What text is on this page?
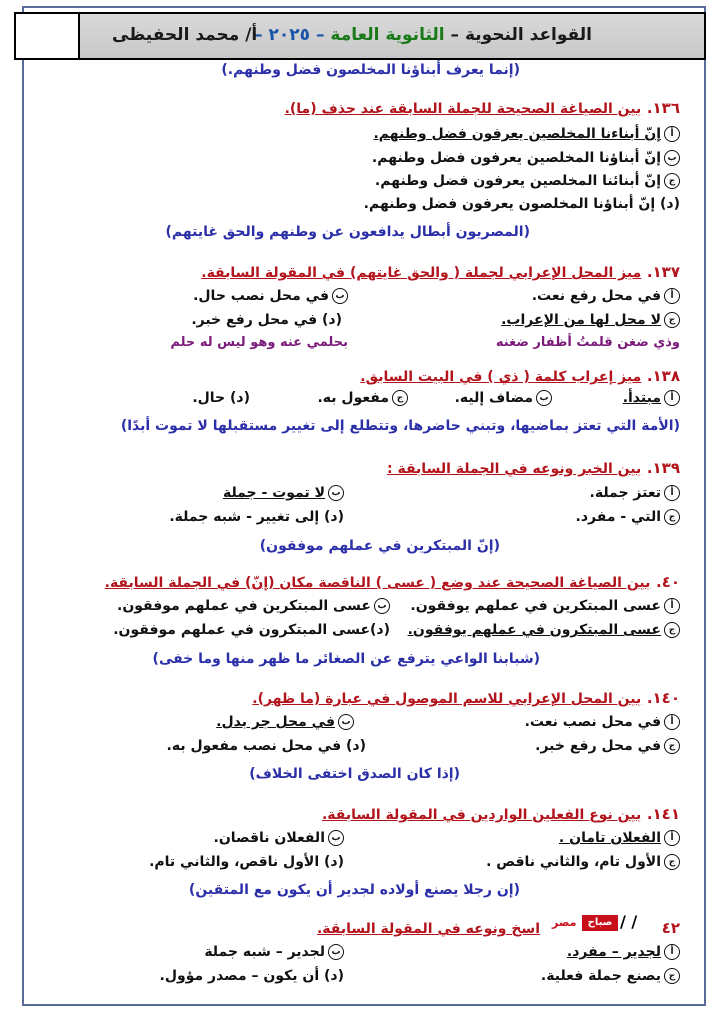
القواعد النحوية – الثانوية العامة – ٢٠٢٥ –
أ/ محمد الحفيظى
(إنما يعرف أبناؤنا المخلصون فضل وطنهم.)
١٣٦. بين الصياغة الصحيحة للجملة السابقة عند حذف (ما).
أإنّ أبناءنا المخلصين يعرفون فضل وطنهم.
بإنّ أبناؤنا المخلصين يعرفون فضل وطنهم.
جإنّ أبنائنا المخلصين يعرفون فضل وطنهم.
(د) إنّ أبناؤنا المخلصون يعرفون فضل وطنهم.
(المصريون أبطال يدافعون عن وطنهم والحق غايتهم)
١٣٧. ميز المحل الإعرابي لجملة ( والحق غايتهم) في المقولة السابقة.
أفي محل رفع نعت.
بفي محل نصب حال.
جلا محل لها من الإعراب.
(د) في محل رفع خبر.
وذي ضغن قلمتُ أظفار ضغنه
بحلمي عنه وهو ليس له حلم
١٣٨. ميز إعراب كلمة ( ذي ) في البيت السابق.
أمبتدأ.
بمضاف إليه.
جمفعول به.
(د) حال.
(الأمة التي تعتز بماضيها، وتبني حاضرها، وتتطلع إلى تغيير مستقبلها لا تموت أبدًا)
١٣٩. بين الخبر ونوعه في الجملة السابقة :
أتعتز جملة.
بلا تموت - جملة
جالتي - مفرد.
(د) إلى تغيير - شبه جملة.
(إنّ المبتكرين في عملهم موفقون)
٤٠. بين الصياغة الصحيحة عند وضع ( عسى ) الناقصة مكان (إنّ) في الجملة السابقة.
أعسى المبتكرين في عملهم يوفقون.
بعسى المبتكرين في عملهم موفقون.
جعسى المبتكرون في عملهم يوفقون.
(د)عسى المبتكرون في عملهم موفقون.
(شبابنا الواعي يترفع عن الصغائر ما ظهر منها وما خفى)
١٤٠. بين المحل الإعرابي للاسم الموصول في عبارة (ما ظهر).
أفي محل نصب نعت.
بفي محل جر بدل.
جفي محل رفع خبر.
(د) في محل نصب مفعول به.
(إذا كان الصدق اختفى الخلاف)
١٤١. بين نوع الفعلين الواردين في المقولة السابقة.
أالفعلان تامان .
بالفعلان ناقصان.
جالأول تام، والثاني ناقص .
(د) الأول ناقص، والثاني تام.
(إن رجلا يصنع أولاده لجدير أن يكون مع المتقين)
/ /
صباح
مصر	٤٢
اسخ ونوعه في المقولة السابقة.
ألجدير – مفرد.
بلجدير – شبه جملة
جيصنع جملة فعلية.
(د) أن يكون – مصدر مؤول.
